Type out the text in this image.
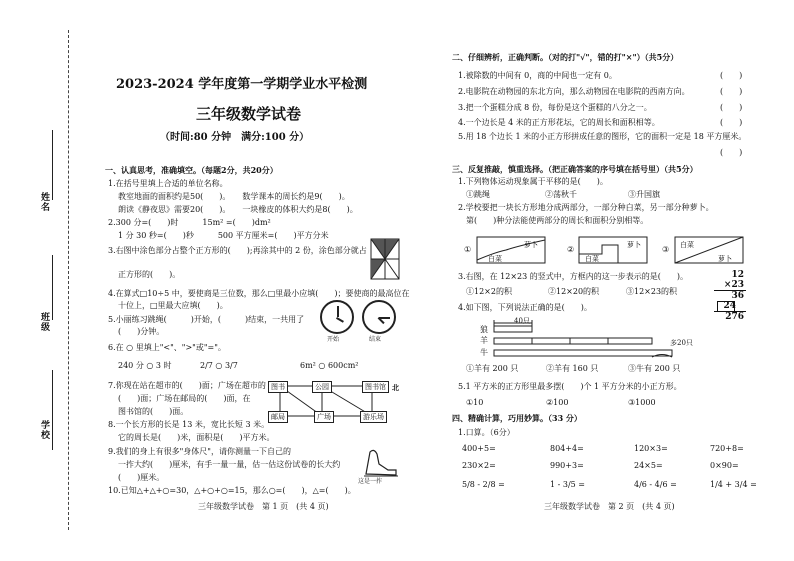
姓名
班级
学校
2023-2024 学年度第一学期学业水平检测
三年级数学试卷
（时间:80 分钟　满分:100 分）
一、认真思考，准确填空。（每题2分，共20分）
1.在括号里填上合适的单位名称。
教室地面的面积约是50(　　)。　　数学课本的周长约是9(　　)。
朗读《静夜思》需要20(　　)。　　一块橡皮的体积大约是8(　　)。
2.300 分=(　　)时　　　15m² =(　　)dm²
1 分 30 秒=(　　)秒　　　500 平方厘米=(　　)平方分米
3.右图中涂色部分占整个正方形的(　　);再涂其中的 2 份，涂色部分就占
正方形的(　　)。
4.在算式□10÷5 中，要使商是三位数，那么□里最小应填(　　)；要使商的最高位在
十位上，□里最大应填(　　)。
5.小丽练习跳绳(　　　)开始，(　　　)结束，一共用了
(　　)分钟。
开始	结束
6.在 ○ 里填上"<"、">"或"="。
240 分 ○ 3 时	2/7 ○ 3/7	6m² ○ 600cm²
7.你现在站在超市的(　　)面；广场在超市的
(　　)面；广场在邮局的(　　)面，在
图书馆的(　　)面。
图书	公园	图书馆
邮局	广场	游乐场
北
8.一个长方形的长是 13 米，宽比长短 3 米。
它的周长是(　　)米，面积是(　　)平方米。
9.我们的身上有很多"身体尺"，请你测量一下自己的
一拃大约(　　)厘米，有手一量一量，估一估这份试卷的长大约
(　　)厘米。	这是一拃
10.已知△+△+○=30，△+○+○=15，那么○=(　　)，△=(　　)。
三年级数学试卷　第 1 页　(共 4 页)
二、仔细辨析，正确判断。（对的打"√"，错的打"×"）（共5分）
1.被除数的中间有 0，商的中间也一定有 0。	(　　)
2.电影院在动物园的东北方向，那么动物园在电影院的西南方向。	(　　)
3.把一个蛋糕分成 8 份，每份是这个蛋糕的八分之一。	(　　)
4.一个边长是 4 米的正方形花坛，它的周长和面积相等。	(　　)
5.用 18 个边长 1 米的小正方形拼成任意的图形，它的面积一定是 18 平方厘米。
(　　)
三、反复推敲，慎重选择。（把正确答案的序号填在括号里）（共5分）
1.下列物体运动现象属于平移的是(　　)。
①跳绳	②荡秋千	③升国旗
2.学校要把一块长方形地分成两部分，一部分种白菜，另一部分种萝卜。
第(　　)种分法能使两部分的周长和面积分别相等。
①	萝卜
白菜
②	萝卜
白菜
③ 白菜
萝卜
3.右图，在 12×23 的竖式中，方框内的这一步表示的是(　　)。
①12×2的积	②12×20的积	③12×23的积
12
×23
36
24
276
4.如下图，下列说法正确的是(　　)。
40只
狼
羊
牛
多20只
①羊有 200 只	②羊有 160 只	③牛有 200 只
5.1 平方米的正方形里最多摆(　　)个 1 平方分米的小正方形。
①10	②100	③1000
四、精确计算，巧用妙算。（33 分）
1.口算。（6分）
400+5=	804+4=	120×3=	720+8=
230×2=	990+3=	24×5=	0×90=
5/8 - 2/8 =	1 - 3/5 =	4/6 - 4/6 =	1/4 + 3/4 =
三年级数学试卷　第 2 页　(共 4 页)
